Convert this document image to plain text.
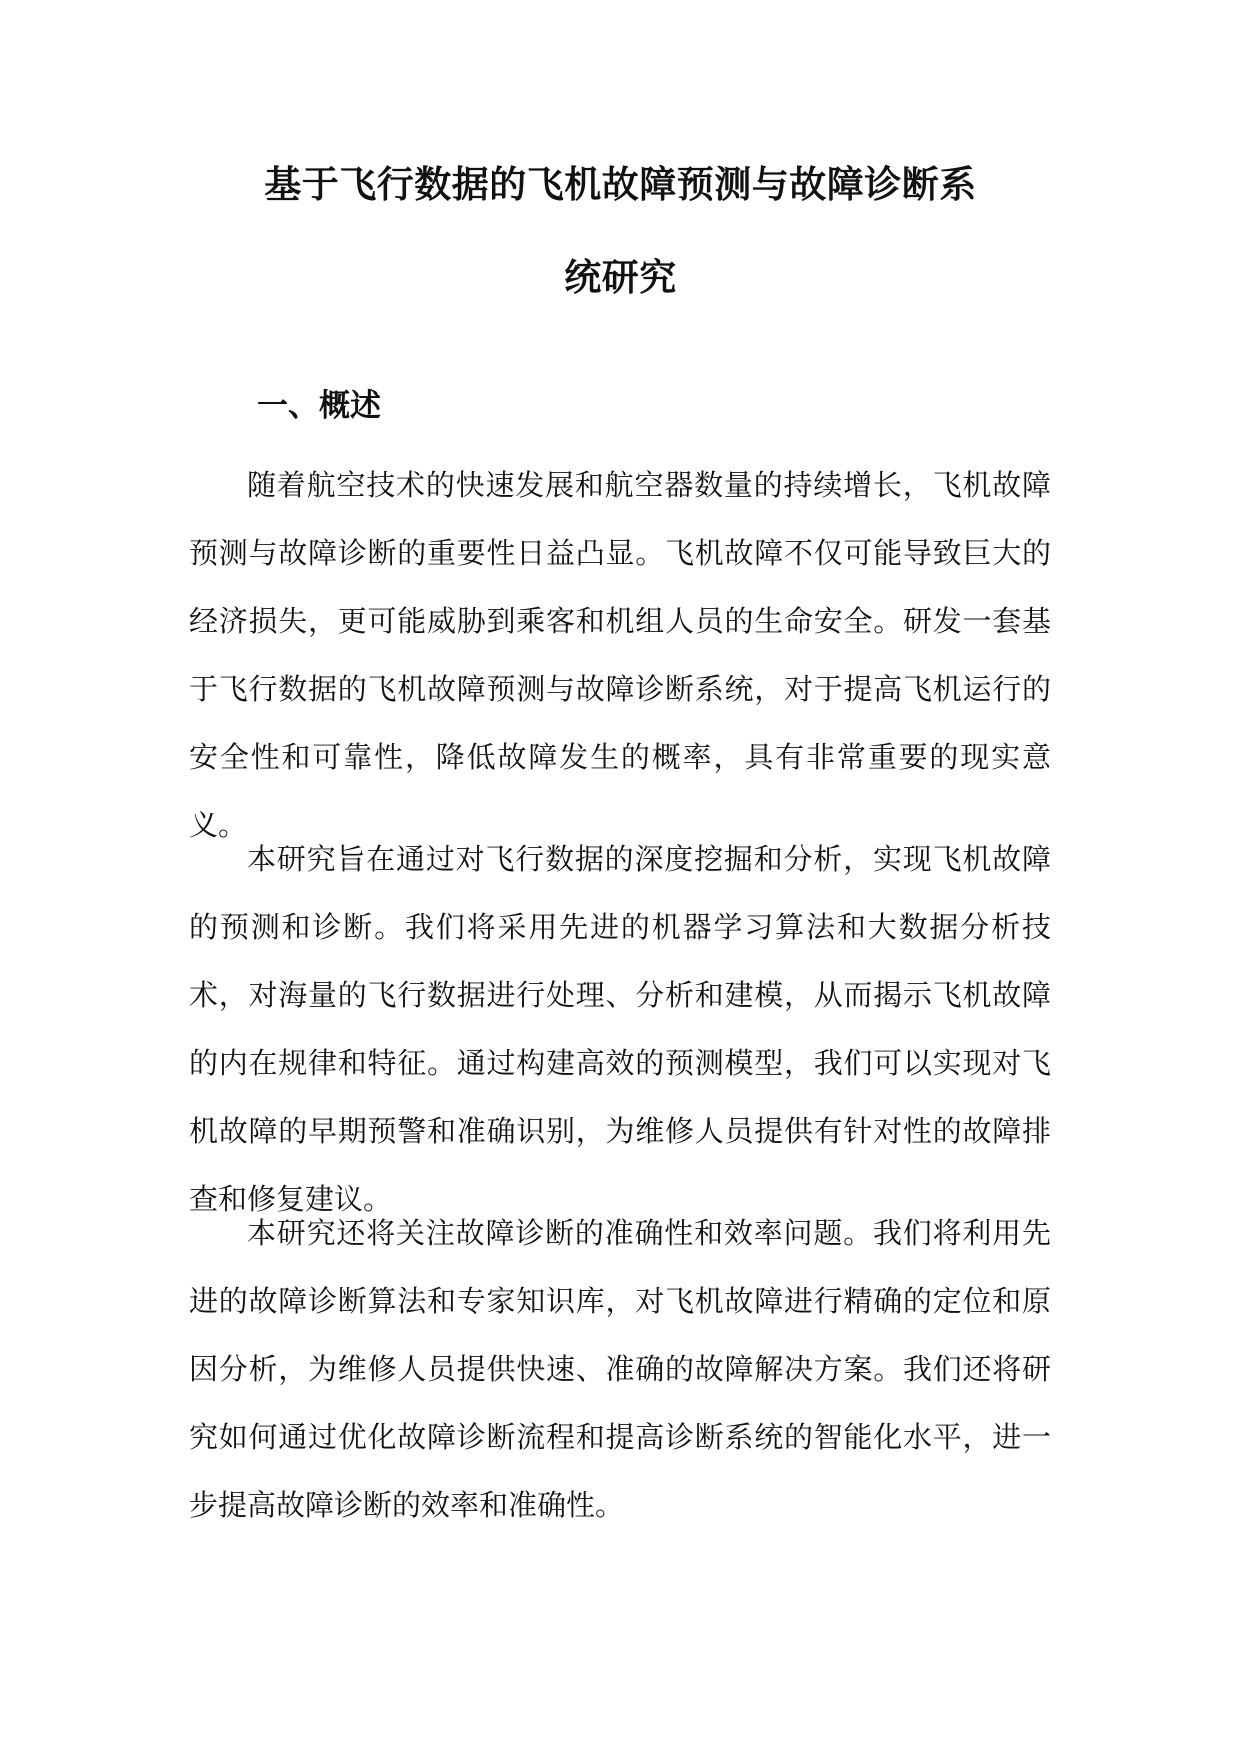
基于飞行数据的飞机故障预测与故障诊断系
统研究
一、概述

随着航空技术的快速发展和航空器数量的持续增长，飞机故障预测与故障诊断的重要性日益凸显。飞机故障不仅可能导致巨大的经济损失，更可能威胁到乘客和机组人员的生命安全。研发一套基于飞行数据的飞机故障预测与故障诊断系统，对于提高飞机运行的安全性和可靠性，降低故障发生的概率，具有非常重要的现实意义。

本研究旨在通过对飞行数据的深度挖掘和分析，实现飞机故障的预测和诊断。我们将采用先进的机器学习算法和大数据分析技术，对海量的飞行数据进行处理、分析和建模，从而揭示飞机故障的内在规律和特征。通过构建高效的预测模型，我们可以实现对飞机故障的早期预警和准确识别，为维修人员提供有针对性的故障排查和修复建议。

本研究还将关注故障诊断的准确性和效率问题。我们将利用先进的故障诊断算法和专家知识库，对飞机故障进行精确的定位和原因分析，为维修人员提供快速、准确的故障解决方案。我们还将研究如何通过优化故障诊断流程和提高诊断系统的智能化水平，进一步提高故障诊断的效率和准确性。
